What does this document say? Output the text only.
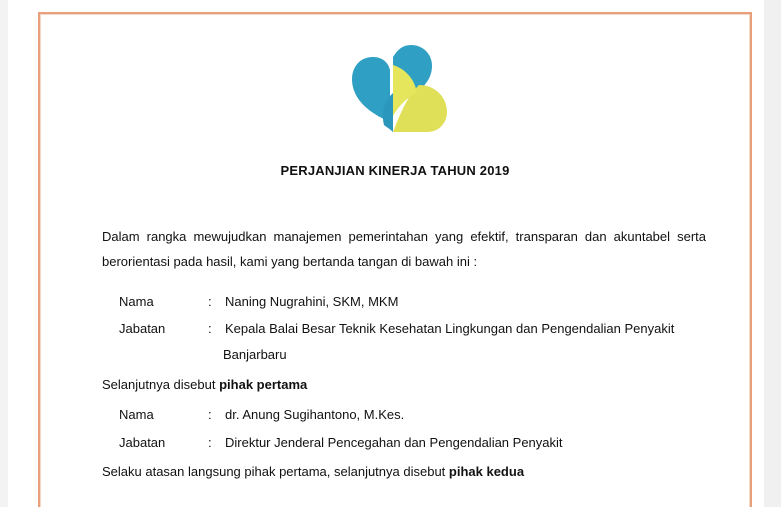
PERJANJIAN KINERJA TAHUN 2019
Dalam rangka mewujudkan manajemen pemerintahan yang efektif, transparan dan akuntabel serta berorientasi pada hasil, kami yang bertanda tangan di bawah ini :
Nama	: Naning Nugrahini, SKM, MKM
Jabatan	: Kepala Balai Besar Teknik Kesehatan Lingkungan dan Pengendalian Penyakit
Banjarbaru
Selanjutnya disebut pihak pertama
Nama	: dr. Anung Sugihantono, M.Kes.
Jabatan	: Direktur Jenderal Pencegahan dan Pengendalian Penyakit
Selaku atasan langsung pihak pertama, selanjutnya disebut pihak kedua
